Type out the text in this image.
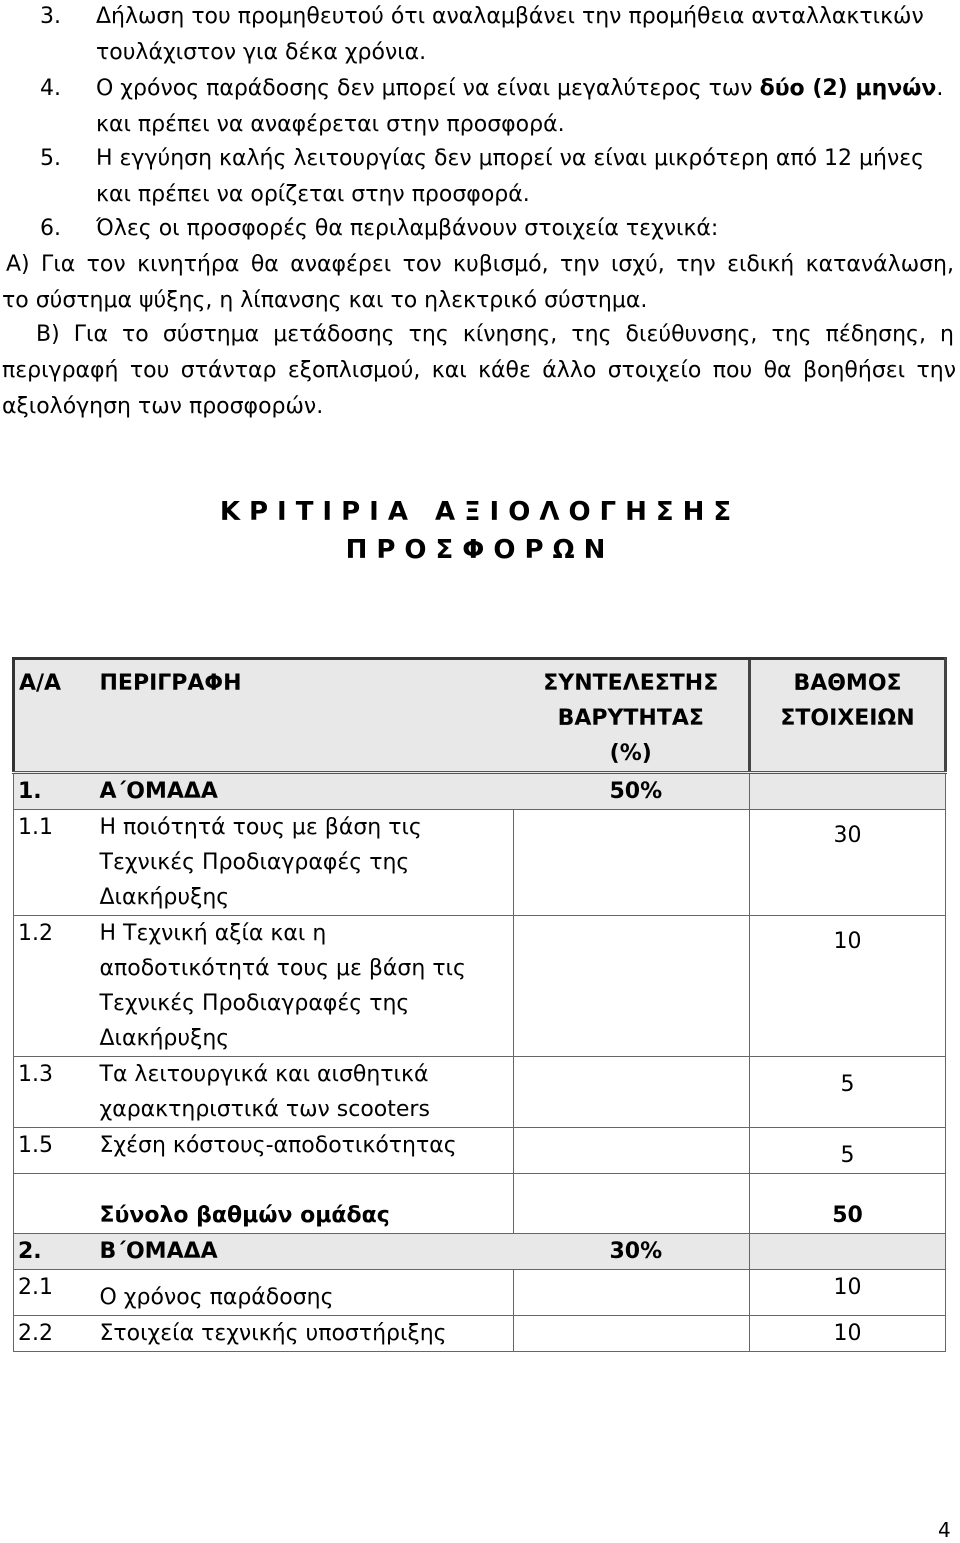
3. Δήλωση του προμηθευτού ότι αναλαμβάνει την προμήθεια ανταλλακτικών
τουλάχιστον για δέκα χρόνια.
4. Ο χρόνος παράδοσης δεν μπορεί να είναι μεγαλύτερος των δύο (2) μηνών.
και πρέπει να αναφέρεται στην προσφορά.
5. Η εγγύηση καλής λειτουργίας δεν μπορεί να είναι μικρότερη από 12 μήνες
και πρέπει να ορίζεται στην προσφορά.
6. Όλες οι προσφορές θα περιλαμβάνουν στοιχεία τεχνικά:
Α) Για τον κινητήρα θα αναφέρει τον κυβισμό, την ισχύ, την ειδική κατανάλωση,
το σύστημα ψύξης, η λίπανσης και το ηλεκτρικό σύστημα.
Β) Για το σύστημα μετάδοσης της κίνησης, της διεύθυνσης, της πέδησης, η
περιγραφή του στάνταρ εξοπλισμού, και κάθε άλλο στοιχείο που θα βοηθήσει την
αξιολόγηση των προσφορών.
ΚΡΙΤΙΡΙΑ ΑΞΙΟΛΟΓΗΣΗΣ
ΠΡΟΣΦΟΡΩΝ
Α/Α	ΠΕΡΙΓΡΑΦΗ	ΣΥΝΤΕΛΕΣΤΗΣ ΒΑΡΥΤΗΤΑΣ (%)	ΒΑΘΜΟΣ ΣΤΟΙΧΕΙΩΝ
1.	Α΄ΟΜΑΔΑ	50%	
1.1	Η ποιότητά τους με βάση τις Τεχνικές Προδιαγραφές της Διακήρυξης		30
1.2	Η Τεχνική αξία και η αποδοτικότητά τους με βάση τις Τεχνικές Προδιαγραφές της Διακήρυξης		10
1.3	Τα λειτουργικά και αισθητικά χαρακτηριστικά των scooters		5
1.5	Σχέση κόστους-αποδοτικότητας		5
	Σύνολο βαθμών ομάδας		50
2.	Β΄ΟΜΑΔΑ	30%	
2.1	Ο χρόνος παράδοσης		10
2.2	Στοιχεία τεχνικής υποστήριξης		10
4
